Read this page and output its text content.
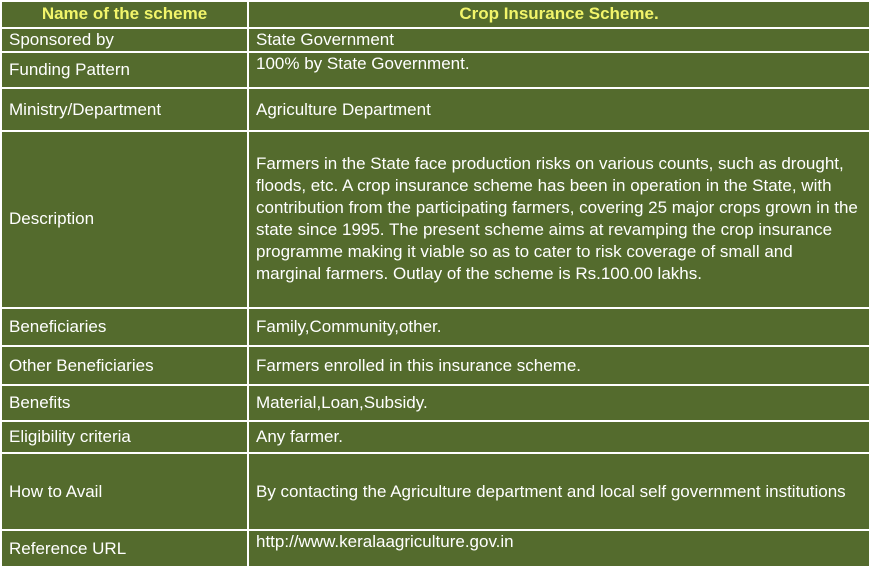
Name of the scheme	Crop Insurance Scheme.
Sponsored by	State Government
Funding Pattern	100% by State Government.
Ministry/Department	Agriculture Department
Description	Farmers in the State face production risks on various counts, such as drought, floods, etc. A crop insurance scheme has been in operation in the State, with contribution from the participating farmers, covering 25 major crops grown in the state since 1995. The present scheme aims at revamping the crop insurance programme making it viable so as to cater to risk coverage of small and marginal farmers. Outlay of the scheme is Rs.100.00 lakhs.
Beneficiaries	Family,Community,other.
Other Beneficiaries	Farmers enrolled in this insurance scheme.
Benefits	Material,Loan,Subsidy.
Eligibility criteria	Any farmer.
How to Avail	By contacting the Agriculture department and local self government institutions
Reference URL	http://www.keralaagriculture.gov.in
